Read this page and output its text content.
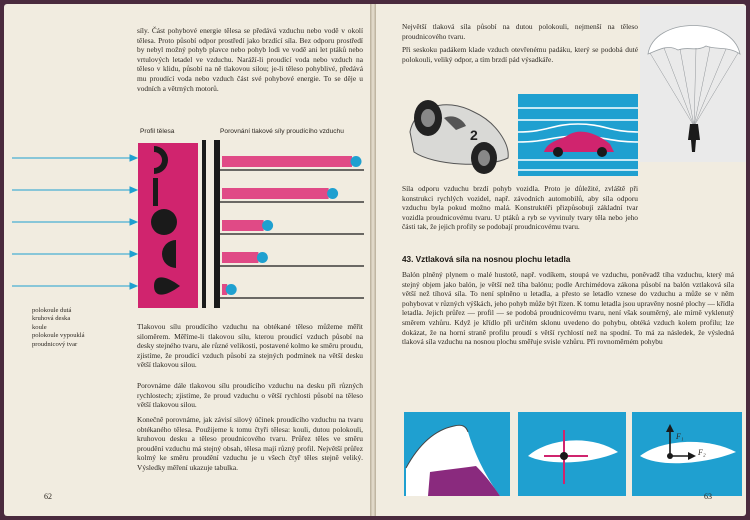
síly. Část pohybové energie tělesa se předává vzduchu nebo vodě v okolí tělesa. Proto působí odpor prostředí jako brzdící síla. Bez odporu prostředí by nebyl možný pohyb plavce nebo pohyb lodi ve vodě ani let ptáků nebo vrtulových letadel ve vzduchu. Naráží-li proudící voda nebo vzduch na těleso v klidu, působí na ně tlakovou silou; je-li těleso pohyblivé, předává mu proudící voda nebo vzduch část své pohybové energie. To se děje u vodních a větrných motorů.

Profil tělesa	Porovnání tlakové síly proudícího vzduchu
polokoule dutá
kruhová deska
koule
polokoule vypouklá
proudnicový tvar

Tlakovou sílu proudícího vzduchu na obtékané těleso můžeme měřit siloměrem. Měříme-li tlakovou sílu, kterou proudící vzduch působí na desky stejného tvaru, ale různé velikosti, postavené kolmo ke směru proudu, zjistíme, že proudící vzduch působí za stejných podmínek na větší desku větší tlakovou silou.

Porovnáme dále tlakovou sílu proudícího vzduchu na desku při různých rychlostech; zjistíme, že proud vzduchu o větší rychlosti působí na těleso větší tlakovou silou.

Konečně porovnáme, jak závisí silový účinek proudícího vzduchu na tvaru obtékaného tělesa. Použijeme k tomu čtyři tělesa: kouli, dutou polokouli, kruhovou desku a těleso proudnicového tvaru. Průřez těles ve směru proudění vzduchu má stejný obsah, tělesa mají různý profil. Největší průřez kolmý ke směru proudění vzduchu je u všech čtyř těles stejně veliký. Výsledky měření ukazuje tabulka.

62

Největší tlaková síla působí na dutou polokouli, nejmenší na těleso proudnicového tvaru.

Při seskoku padákem klade vzduch otevřenému padáku, který se podobá duté polokouli, veliký odpor, a tím brzdí pád výsadkáře.

2

Síla odporu vzduchu brzdí pohyb vozidla. Proto je důležité, zvláště při konstrukci rychlých vozidel, např. závodních automobilů, aby síla odporu vzduchu byla pokud možno malá. Konstruktéři přizpůsobují základní tvar vozidla proudnicovému tvaru. U ptáků a ryb se vyvinuly tvary těla nebo jeho části tak, že jejich profily se podobají proudnicovému tvaru.

43. Vztlaková síla na nosnou plochu letadla

Balón plněný plynem o malé hustotě, např. vodíkem, stoupá ve vzduchu, poněvadž tíha vzduchu, který má stejný objem jako balón, je větší než tíha balónu; podle Archimédova zákona působí na balón vztlaková síla větší než tíhová síla. To není splněno u letadla, a přesto se letadlo vznese do vzduchu a může se v něm pohybovat v různých výškách, jeho pohyb může být řízen. K tomu letadla jsou upravěny nosné plochy — křídla letadla. Jejich průřez — profil — se podobá proudnicovému tvaru, není však souměrný, ale mírně vyklenutý směrem vzhůru. Když je křídlo při určitém sklonu uvedeno do pohybu, obtéká vzduch kolem profilu; lze dokázat, že na horní straně profilu proudí s větší rychlostí než na spodní. To má za následek, že výsledná tlaková síla vzduchu na nosnou plochu směřuje svisle vzhůru. Při rovnoměrném pohybu

F₁
F₂
63
